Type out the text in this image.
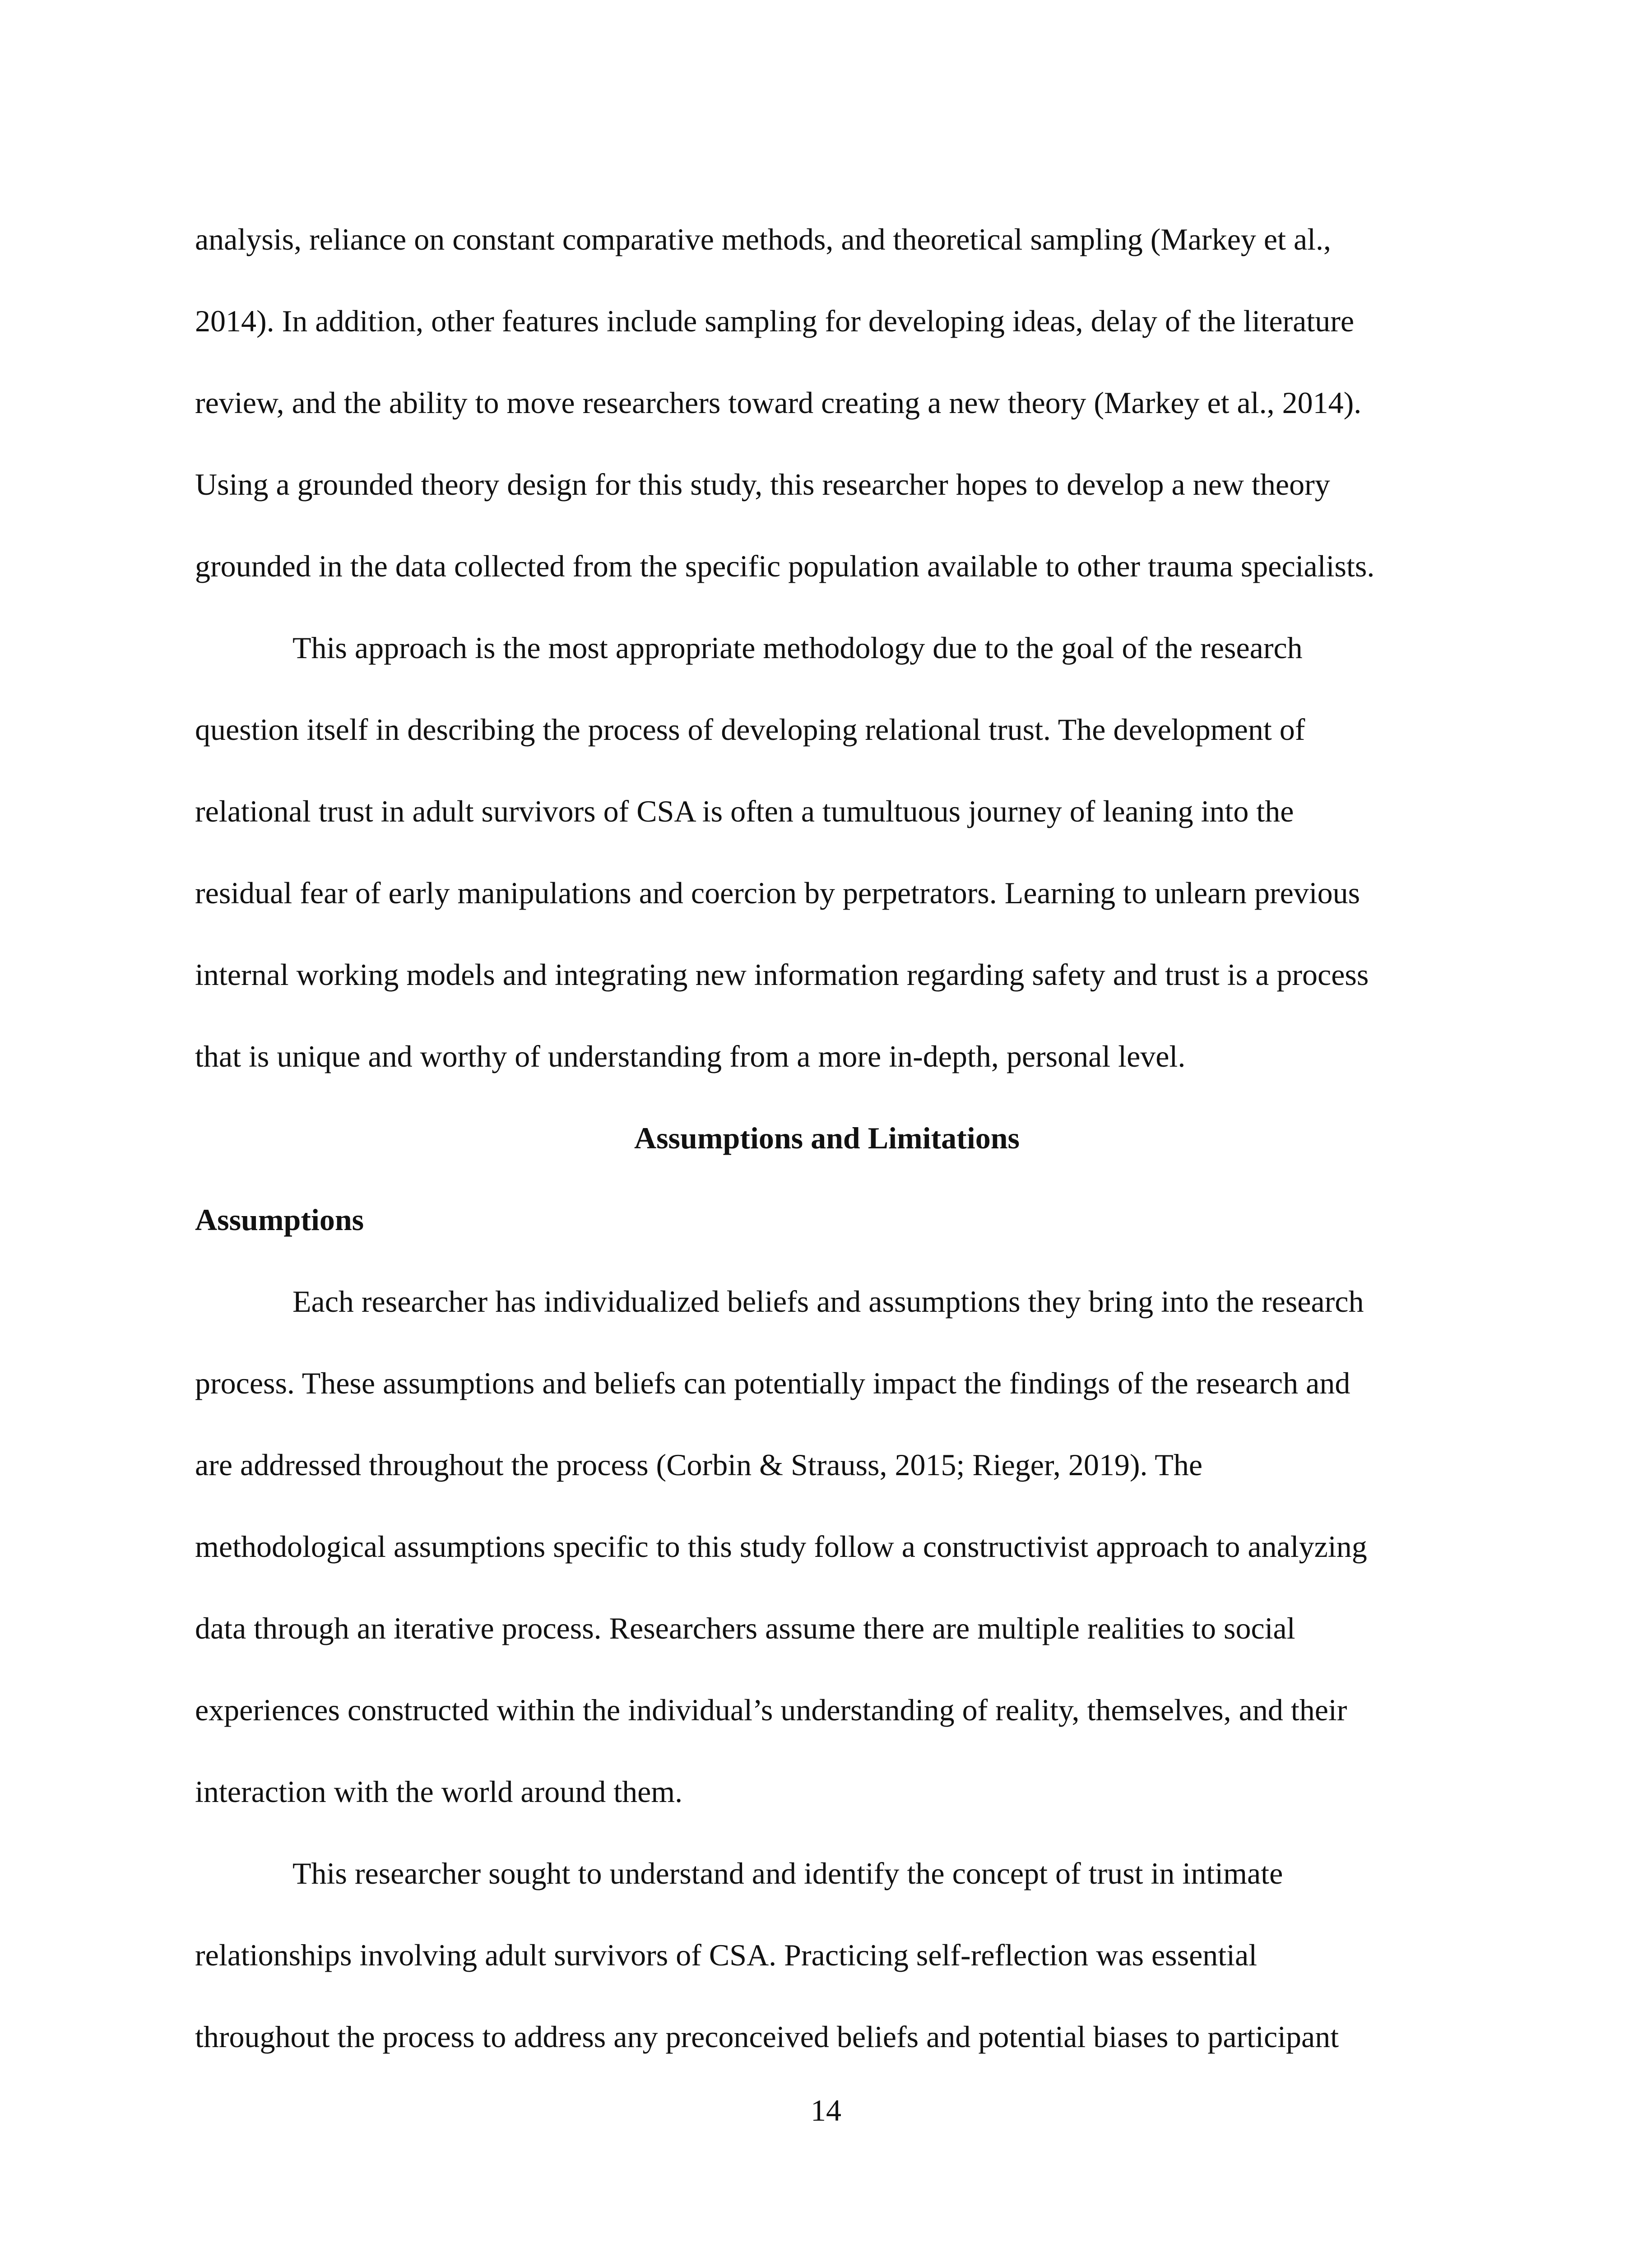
analysis, reliance on constant comparative methods, and theoretical sampling (Markey et al.,
2014). In addition, other features include sampling for developing ideas, delay of the literature
review, and the ability to move researchers toward creating a new theory (Markey et al., 2014).
Using a grounded theory design for this study, this researcher hopes to develop a new theory
grounded in the data collected from the specific population available to other trauma specialists.
This approach is the most appropriate methodology due to the goal of the research
question itself in describing the process of developing relational trust. The development of
relational trust in adult survivors of CSA is often a tumultuous journey of leaning into the
residual fear of early manipulations and coercion by perpetrators. Learning to unlearn previous
internal working models and integrating new information regarding safety and trust is a process
that is unique and worthy of understanding from a more in-depth, personal level.
Assumptions and Limitations
Assumptions
Each researcher has individualized beliefs and assumptions they bring into the research
process. These assumptions and beliefs can potentially impact the findings of the research and
are addressed throughout the process (Corbin & Strauss, 2015; Rieger, 2019). The
methodological assumptions specific to this study follow a constructivist approach to analyzing
data through an iterative process. Researchers assume there are multiple realities to social
experiences constructed within the individual’s understanding of reality, themselves, and their
interaction with the world around them.
This researcher sought to understand and identify the concept of trust in intimate
relationships involving adult survivors of CSA. Practicing self-reflection was essential
throughout the process to address any preconceived beliefs and potential biases to participant
14
